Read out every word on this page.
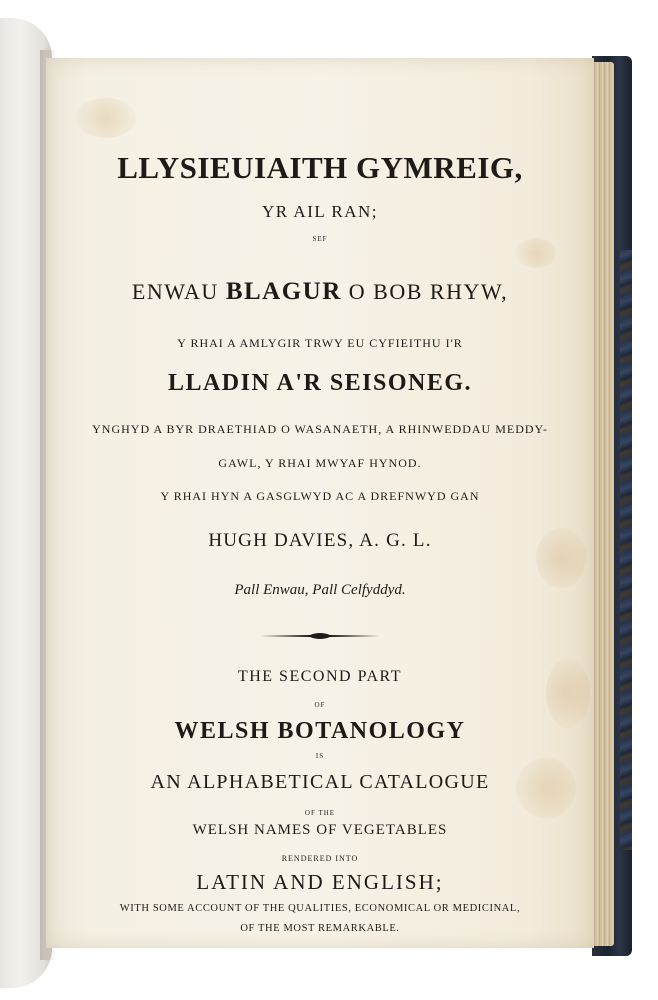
LLYSIEUIAITH GYMREIG,
YR AIL RAN;
SEF
ENWAU BLAGUR O BOB RHYW,
Y RHAI A AMLYGIR TRWY EU CYFIEITHU I'R
LLADIN A'R SEISONEG.
YNGHYD A BYR DRAETHIAD O WASANAETH, A RHINWEDDAU MEDDY-
GAWL, Y RHAI MWYAF HYNOD.
Y RHAI HYN A GASGLWYD AC A DREFNWYD GAN
HUGH DAVIES, A. G. L.
Pall Enwau, Pall Celfyddyd.
THE SECOND PART
OF
WELSH BOTANOLOGY
IS
AN ALPHABETICAL CATALOGUE
OF THE
WELSH NAMES OF VEGETABLES
RENDERED INTO
LATIN AND ENGLISH;
WITH SOME ACCOUNT OF THE QUALITIES, ECONOMICAL OR MEDICINAL,
OF THE MOST REMARKABLE.
